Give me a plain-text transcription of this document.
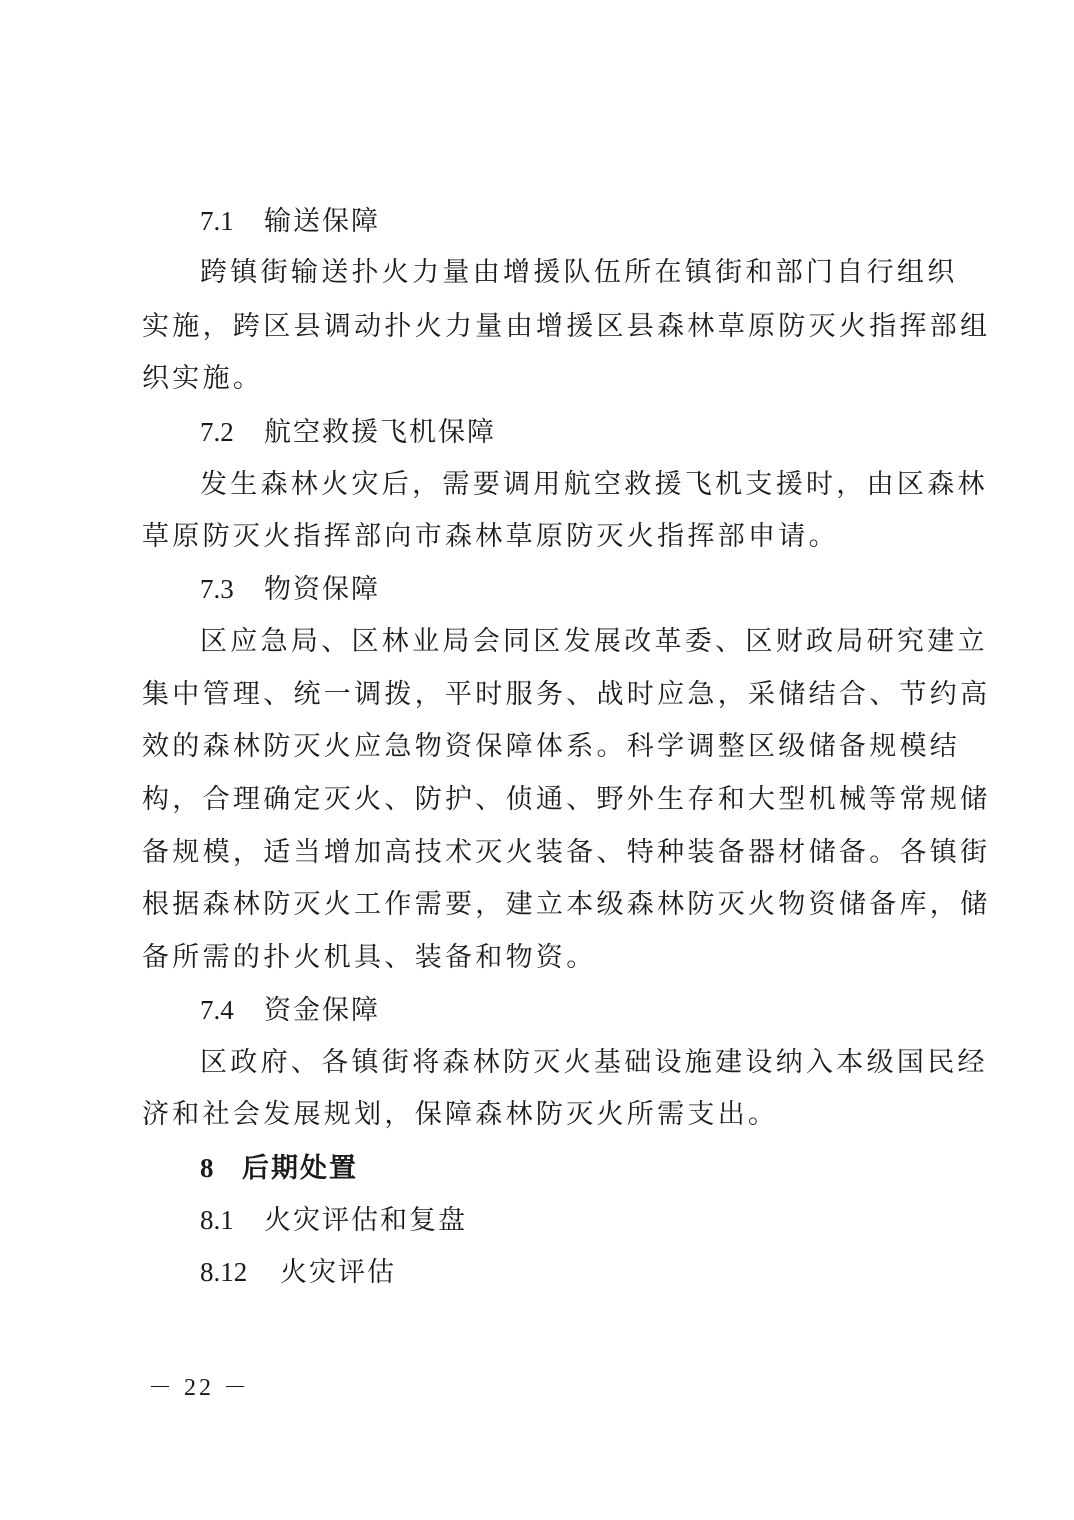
7.1 输送保障
跨镇街输送扑火力量由增援队伍所在镇街和部门自行组织
实施，跨区县调动扑火力量由增援区县森林草原防灭火指挥部组
织实施。
7.2 航空救援飞机保障
发生森林火灾后，需要调用航空救援飞机支援时，由区森林
草原防灭火指挥部向市森林草原防灭火指挥部申请。
7.3 物资保障
区应急局、区林业局会同区发展改革委、区财政局研究建立
集中管理、统一调拨，平时服务、战时应急，采储结合、节约高
效的森林防灭火应急物资保障体系。科学调整区级储备规模结
构，合理确定灭火、防护、侦通、野外生存和大型机械等常规储
备规模，适当增加高技术灭火装备、特种装备器材储备。各镇街
根据森林防灭火工作需要，建立本级森林防灭火物资储备库，储
备所需的扑火机具、装备和物资。
7.4 资金保障
区政府、各镇街将森林防灭火基础设施建设纳入本级国民经
济和社会发展规划，保障森林防灭火所需支出。
8 后期处置
8.1 火灾评估和复盘
8.12 火灾评估
－ 22 －
